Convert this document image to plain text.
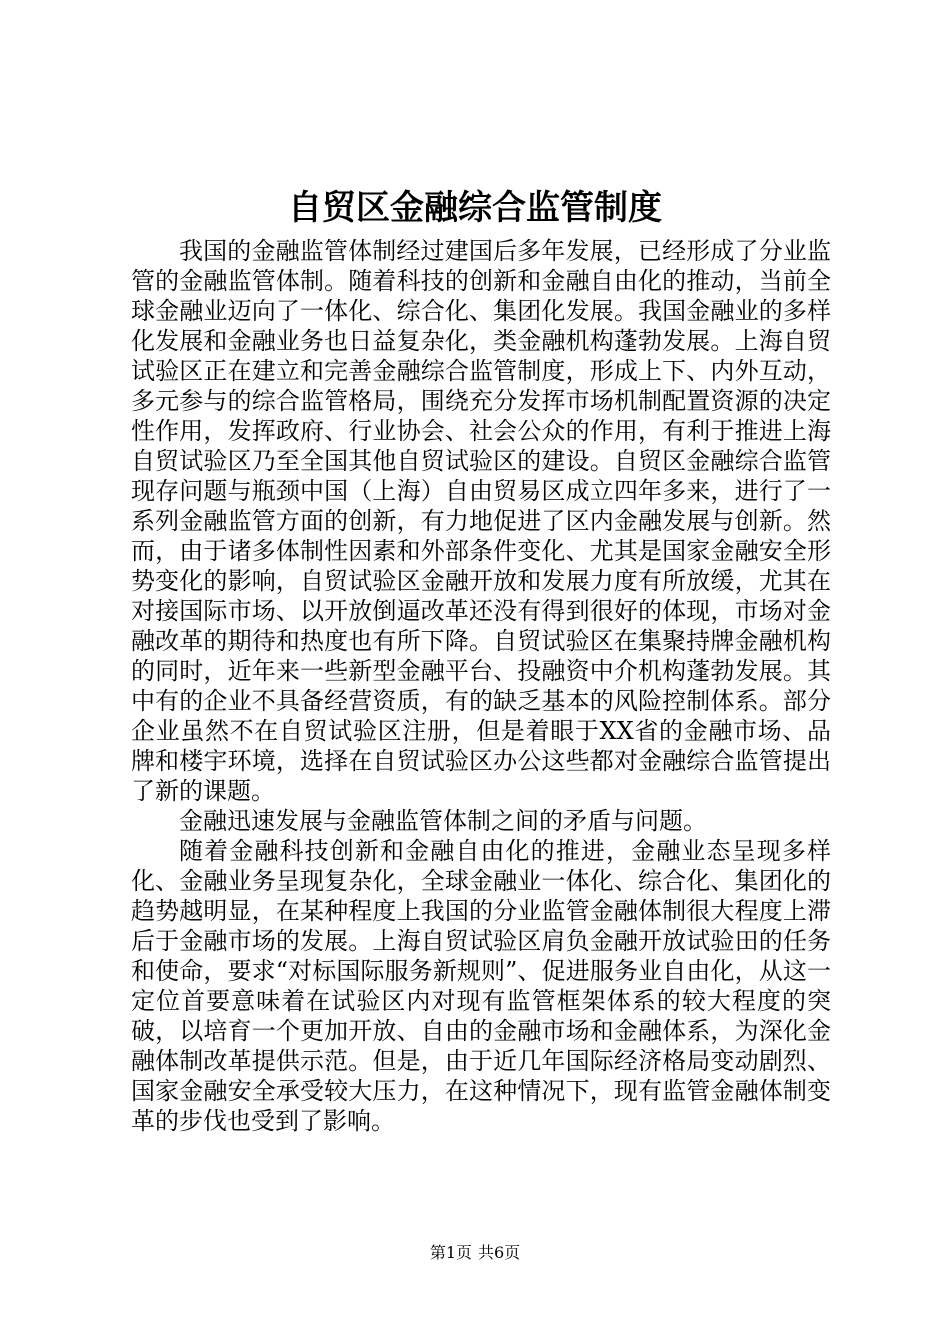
自贸区金融综合监管制度

我国的金融监管体制经过建国后多年发展，已经形成了分业监管的金融监管体制。随着科技的创新和金融自由化的推动，当前全球金融业迈向了一体化、综合化、集团化发展。我国金融业的多样化发展和金融业务也日益复杂化，类金融机构蓬勃发展。上海自贸试验区正在建立和完善金融综合监管制度，形成上下、内外互动，多元参与的综合监管格局，围绕充分发挥市场机制配置资源的决定性作用，发挥政府、行业协会、社会公众的作用，有利于推进上海自贸试验区乃至全国其他自贸试验区的建设。自贸区金融综合监管现存问题与瓶颈中国（上海）自由贸易区成立四年多来，进行了一系列金融监管方面的创新，有力地促进了区内金融发展与创新。然而，由于诸多体制性因素和外部条件变化、尤其是国家金融安全形势变化的影响，自贸试验区金融开放和发展力度有所放缓，尤其在对接国际市场、以开放倒逼改革还没有得到很好的体现，市场对金融改革的期待和热度也有所下降。自贸试验区在集聚持牌金融机构的同时，近年来一些新型金融平台、投融资中介机构蓬勃发展。其中有的企业不具备经营资质，有的缺乏基本的风险控制体系。部分企业虽然不在自贸试验区注册，但是着眼于XX省的金融市场、品牌和楼宇环境，选择在自贸试验区办公这些都对金融综合监管提出了新的课题。

金融迅速发展与金融监管体制之间的矛盾与问题。

随着金融科技创新和金融自由化的推进，金融业态呈现多样化、金融业务呈现复杂化，全球金融业一体化、综合化、集团化的趋势越明显，在某种程度上我国的分业监管金融体制很大程度上滞后于金融市场的发展。上海自贸试验区肩负金融开放试验田的任务和使命，要求“对标国际服务新规则”、促进服务业自由化，从这一定位首要意味着在试验区内对现有监管框架体系的较大程度的突破，以培育一个更加开放、自由的金融市场和金融体系，为深化金融体制改革提供示范。但是，由于近几年国际经济格局变动剧烈、国家金融安全承受较大压力，在这种情况下，现有监管金融体制变革的步伐也受到了影响。

第1页 共6页
